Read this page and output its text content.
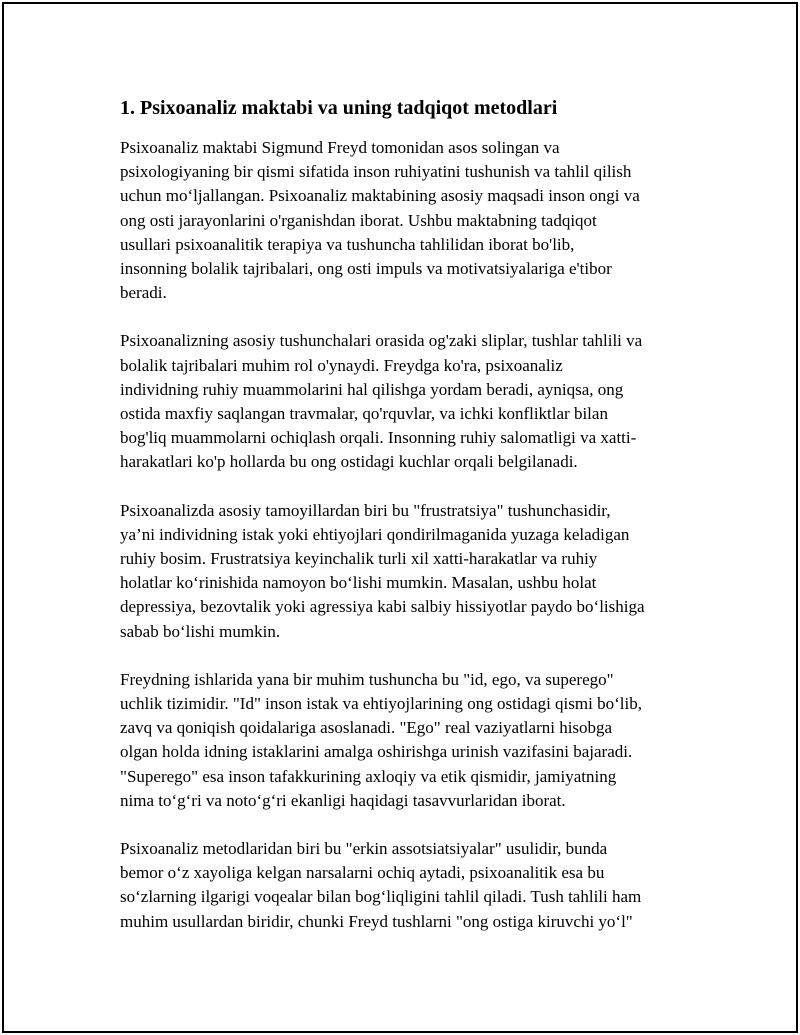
1. Psixoanaliz maktabi va uning tadqiqot metodlari

Psixoanaliz maktabi Sigmund Freyd tomonidan asos solingan va
psixologiyaning bir qismi sifatida inson ruhiyatini tushunish va tahlil qilish
uchun mo‘ljallangan. Psixoanaliz maktabining asosiy maqsadi inson ongi va
ong osti jarayonlarini o'rganishdan iborat. Ushbu maktabning tadqiqot
usullari psixoanalitik terapiya va tushuncha tahlilidan iborat bo'lib,
insonning bolalik tajribalari, ong osti impuls va motivatsiyalariga e'tibor
beradi.

Psixoanalizning asosiy tushunchalari orasida og'zaki sliplar, tushlar tahlili va
bolalik tajribalari muhim rol o'ynaydi. Freydga ko'ra, psixoanaliz
individning ruhiy muammolarini hal qilishga yordam beradi, ayniqsa, ong
ostida maxfiy saqlangan travmalar, qo'rquvlar, va ichki konfliktlar bilan
bog'liq muammolarni ochiqlash orqali. Insonning ruhiy salomatligi va xatti-
harakatlari ko'p hollarda bu ong ostidagi kuchlar orqali belgilanadi.

Psixoanalizda asosiy tamoyillardan biri bu "frustratsiya" tushunchasidir,
ya’ni individning istak yoki ehtiyojlari qondirilmaganida yuzaga keladigan
ruhiy bosim. Frustratsiya keyinchalik turli xil xatti-harakatlar va ruhiy
holatlar ko‘rinishida namoyon bo‘lishi mumkin. Masalan, ushbu holat
depressiya, bezovtalik yoki agressiya kabi salbiy hissiyotlar paydo bo‘lishiga
sabab bo‘lishi mumkin.

Freydning ishlarida yana bir muhim tushuncha bu "id, ego, va superego"
uchlik tizimidir. "Id" inson istak va ehtiyojlarining ong ostidagi qismi bo‘lib,
zavq va qoniqish qoidalariga asoslanadi. "Ego" real vaziyatlarni hisobga
olgan holda idning istaklarini amalga oshirishga urinish vazifasini bajaradi.
"Superego" esa inson tafakkurining axloqiy va etik qismidir, jamiyatning
nima to‘g‘ri va noto‘g‘ri ekanligi haqidagi tasavvurlaridan iborat.

Psixoanaliz metodlaridan biri bu "erkin assotsiatsiyalar" usulidir, bunda
bemor o‘z xayoliga kelgan narsalarni ochiq aytadi, psixoanalitik esa bu
so‘zlarning ilgarigi voqealar bilan bog‘liqligini tahlil qiladi. Tush tahlili ham
muhim usullardan biridir, chunki Freyd tushlarni "ong ostiga kiruvchi yo‘l"
